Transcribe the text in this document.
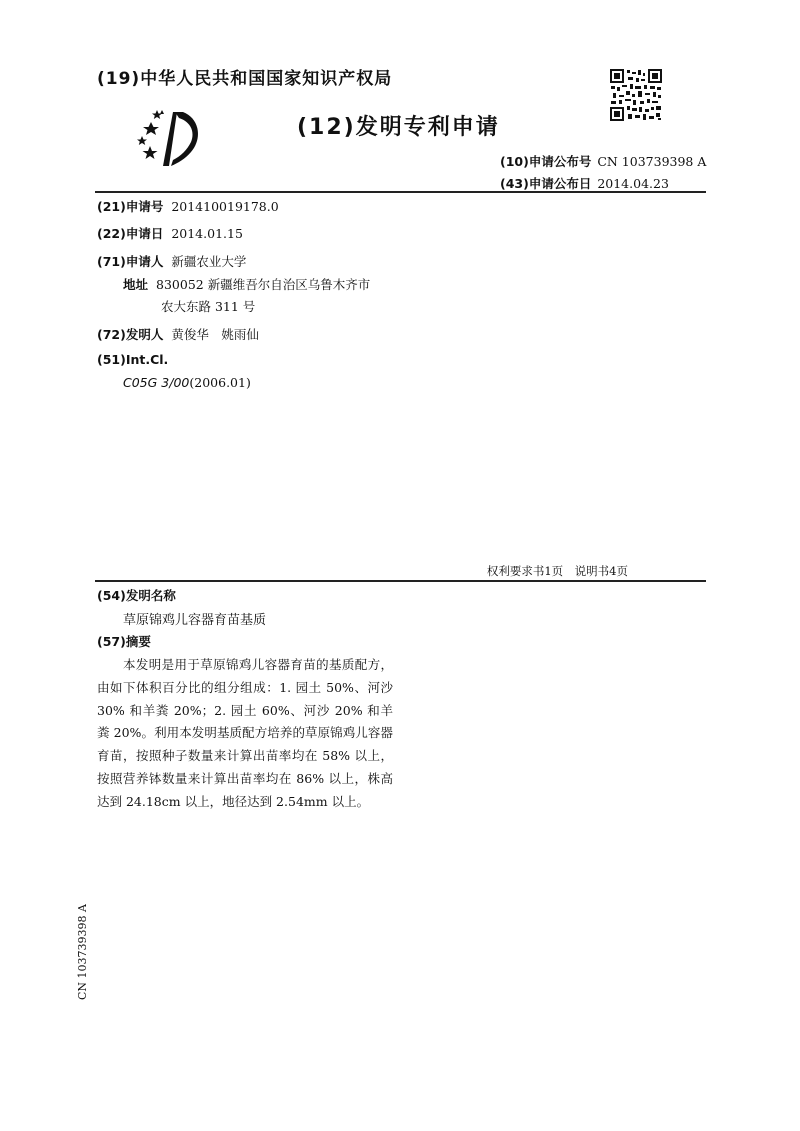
(19)中华人民共和国国家知识产权局
(12)发明专利申请
(10)申请公布号 CN 103739398 A
(43)申请公布日 2014.04.23
(21)申请号 201410019178.0
(22)申请日 2014.01.15
(71)申请人 新疆农业大学
地址 830052 新疆维吾尔自治区乌鲁木齐市
农大东路 311 号
(72)发明人 黄俊华　姚雨仙
(51)Int.Cl.
C05G 3/00(2006.01)
权利要求书1页　说明书4页
(54)发明名称
草原锦鸡儿容器育苗基质
(57)摘要
本发明是用于草原锦鸡儿容器育苗的基质配方，由如下体积百分比的组分组成：1. 园土 50%、河沙 30% 和羊粪 20%；2. 园土 60%、河沙 20% 和羊粪 20%。利用本发明基质配方培养的草原锦鸡儿容器育苗，按照种子数量来计算出苗率均在 58% 以上，按照营养钵数量来计算出苗率均在 86% 以上，株高达到 24.18cm 以上，地径达到 2.54mm 以上。
CN 103739398 A
